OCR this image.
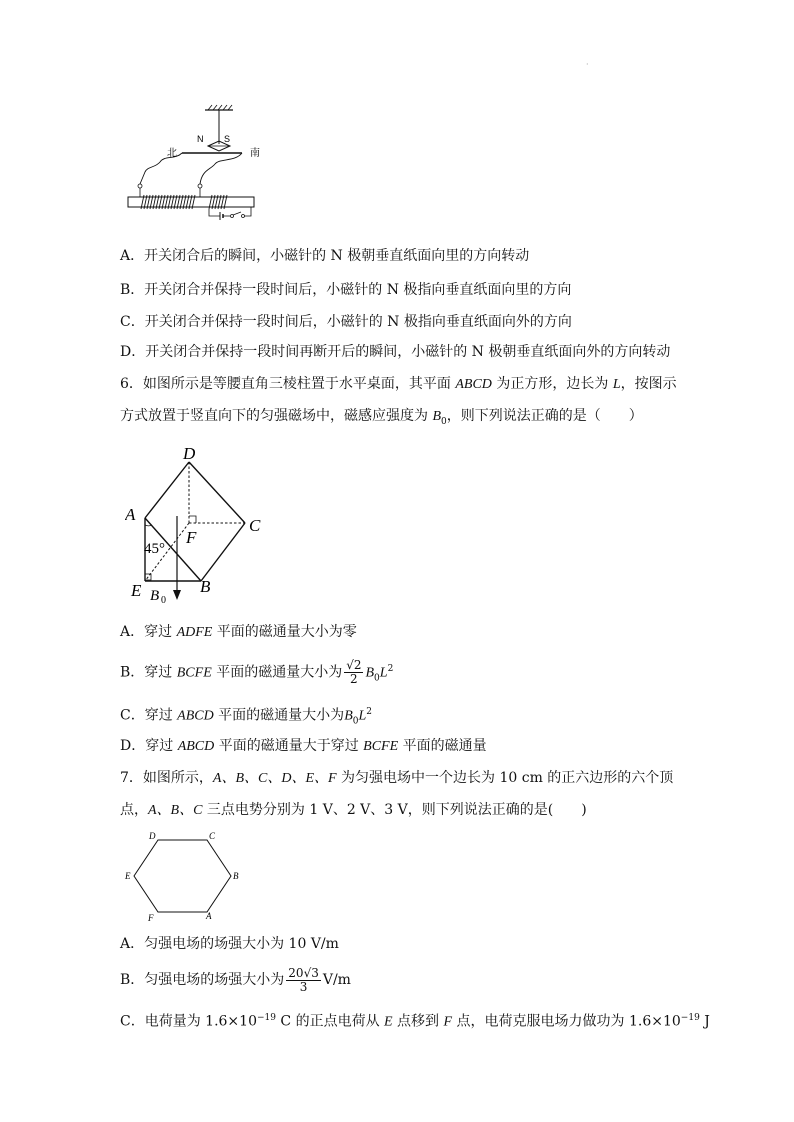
·
N S
北	南
A．开关闭合后的瞬间，小磁针的 N 极朝垂直纸面向里的方向转动
B．开关闭合并保持一段时间后，小磁针的 N 极指向垂直纸面向里的方向
C．开关闭合并保持一段时间后，小磁针的 N 极指向垂直纸面向外的方向
D．开关闭合并保持一段时间再断开后的瞬间，小磁针的 N 极朝垂直纸面向外的方向转动
6．如图所示是等腰直角三棱柱置于水平桌面，其平面 ABCD 为正方形，边长为 L，按图示
方式放置于竖直向下的匀强磁场中，磁感应强度为 $B_0$，则下列说法正确的是（　　）
D
A
C
F
45°
E	B
B 0
A．穿过 ADFE 平面的磁通量大小为零
B．穿过 BCFE 平面的磁通量大小为 $\frac{√2}{2} B_0L^2$
C．穿过 ABCD 平面的磁通量大小为$B_0L^2$
D．穿过 ABCD 平面的磁通量大于穿过 BCFE 平面的磁通量
7．如图所示，A、B、C、D、E、F 为匀强电场中一个边长为 10 cm 的正六边形的六个顶
点，A、B、C 三点电势分别为 1 V、2 V、3 V，则下列说法正确的是(　　)
D	C
E	B
F	A
A．匀强电场的场强大小为 10 V/m
B．匀强电场的场强大小为 $\frac{20√3}{3} V/m$
C．电荷量为 $1.6\times 10^{-19}$ C 的正点电荷从 E 点移到 F 点，电荷克服电场力做功为 $1.6\times 10^{-19}$ J
